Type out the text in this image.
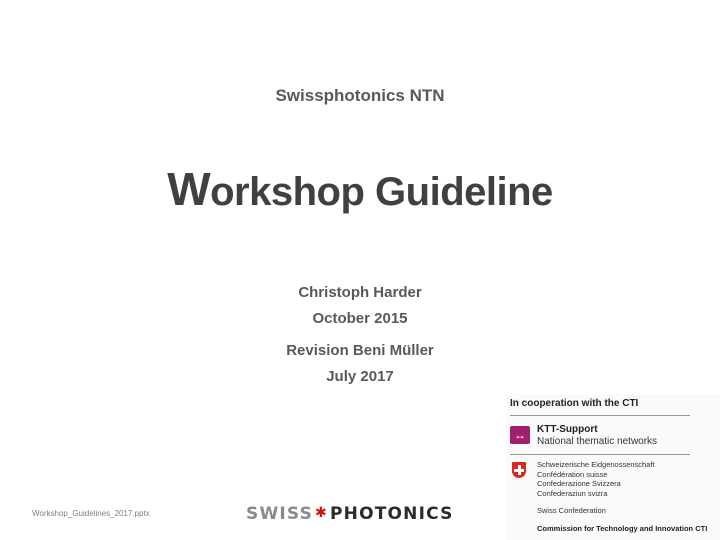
Swissphotonics NTN
Workshop Guideline
Christoph Harder
October 2015
Revision Beni Müller
July 2017
Workshop_Guidelines_2017.pptx	SWISS ✱ PHOTONICS
In cooperation with the CTI
↔	KTT-Support
National thematic networks
Schweizerische Eidgenossenschaft
Confédération suisse
Confederazione Svizzera
Confederaziun svizra
Swiss Confederation
Commission for Technology and Innovation CTI
